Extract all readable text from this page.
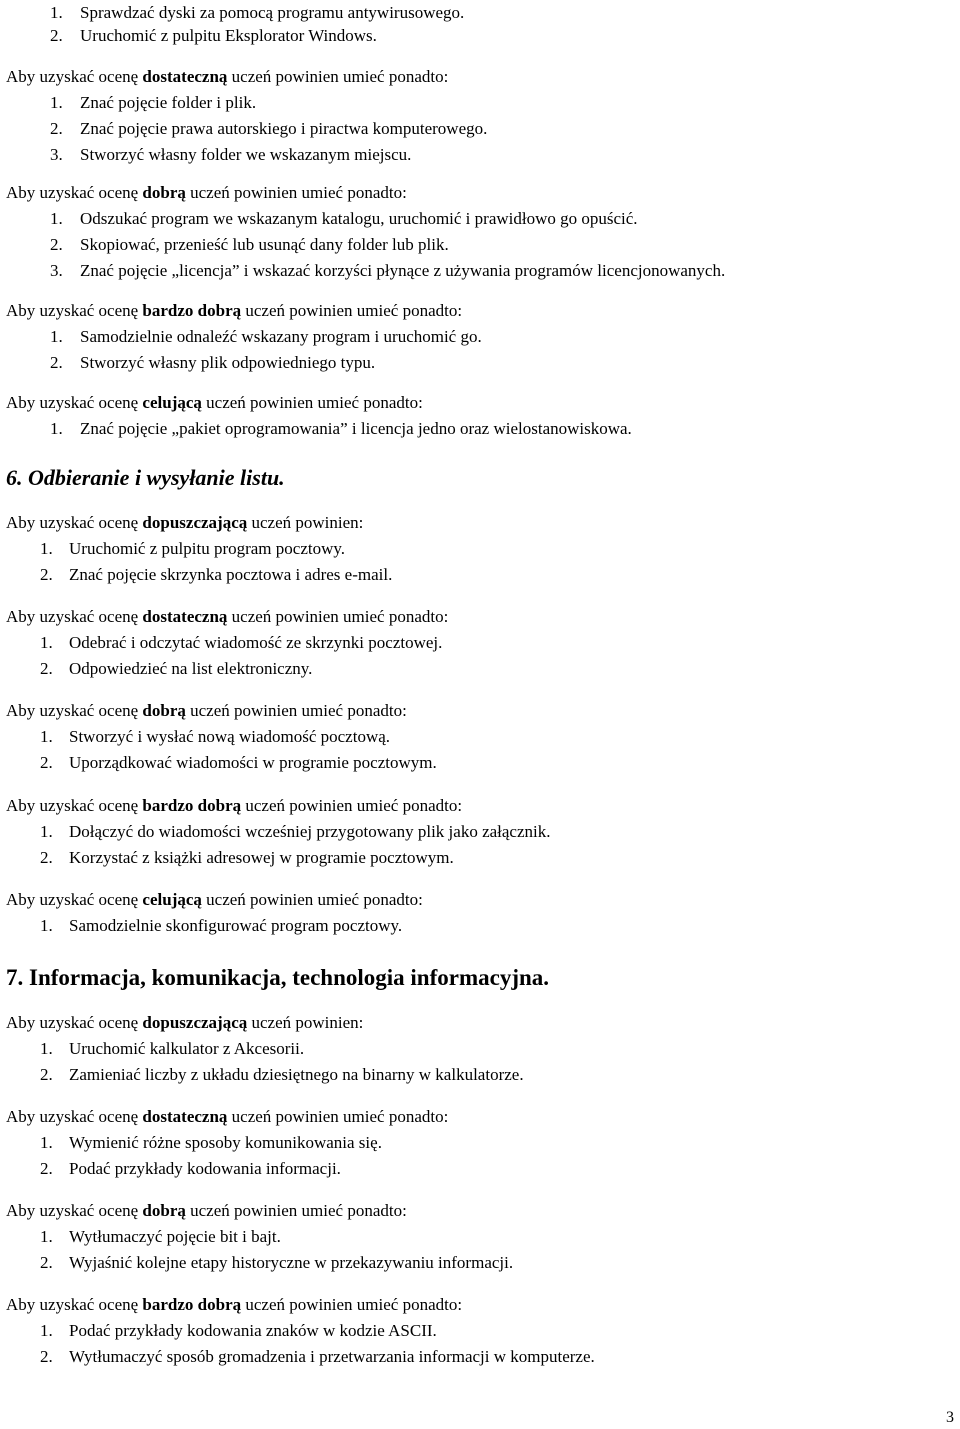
1. Sprawdzać dyski za pomocą programu antywirusowego.
2. Uruchomić z pulpitu Eksplorator Windows.
Aby uzyskać ocenę dostateczną uczeń powinien umieć ponadto:
1. Znać pojęcie folder i plik.
2. Znać pojęcie prawa autorskiego i piractwa komputerowego.
3. Stworzyć własny folder we wskazanym miejscu.
Aby uzyskać ocenę dobrą uczeń powinien umieć ponadto:
1. Odszukać program we wskazanym katalogu, uruchomić i prawidłowo go opuścić.
2. Skopiować, przenieść lub usunąć dany folder lub plik.
3. Znać pojęcie „licencja” i wskazać korzyści płynące z używania programów licencjonowanych.
Aby uzyskać ocenę bardzo dobrą uczeń powinien umieć ponadto:
1. Samodzielnie odnaleźć wskazany program i uruchomić go.
2. Stworzyć własny plik odpowiedniego typu.
Aby uzyskać ocenę celującą uczeń powinien umieć ponadto:
1. Znać pojęcie „pakiet oprogramowania” i licencja jedno oraz wielostanowiskowa.
6. Odbieranie i wysyłanie listu.
Aby uzyskać ocenę dopuszczającą uczeń powinien:
1. Uruchomić z pulpitu program pocztowy.
2. Znać pojęcie skrzynka pocztowa i adres e-mail.
Aby uzyskać ocenę dostateczną uczeń powinien umieć ponadto:
1. Odebrać i odczytać wiadomość ze skrzynki pocztowej.
2. Odpowiedzieć na list elektroniczny.
Aby uzyskać ocenę dobrą uczeń powinien umieć ponadto:
1. Stworzyć i wysłać nową wiadomość pocztową.
2. Uporządkować wiadomości w programie pocztowym.
Aby uzyskać ocenę bardzo dobrą uczeń powinien umieć ponadto:
1. Dołączyć do wiadomości wcześniej przygotowany plik jako załącznik.
2. Korzystać z książki adresowej w programie pocztowym.
Aby uzyskać ocenę celującą uczeń powinien umieć ponadto:
1. Samodzielnie skonfigurować program pocztowy.
7. Informacja, komunikacja, technologia informacyjna.
Aby uzyskać ocenę dopuszczającą uczeń powinien:
1. Uruchomić kalkulator z Akcesorii.
2. Zamieniać liczby z układu dziesiętnego na binarny w kalkulatorze.
Aby uzyskać ocenę dostateczną uczeń powinien umieć ponadto:
1. Wymienić różne sposoby komunikowania się.
2. Podać przykłady kodowania informacji.
Aby uzyskać ocenę dobrą uczeń powinien umieć ponadto:
1. Wytłumaczyć pojęcie bit i bajt.
2. Wyjaśnić kolejne etapy historyczne w przekazywaniu informacji.
Aby uzyskać ocenę bardzo dobrą uczeń powinien umieć ponadto:
1. Podać przykłady kodowania znaków w kodzie ASCII.
2. Wytłumaczyć sposób gromadzenia i przetwarzania informacji w komputerze.
3
